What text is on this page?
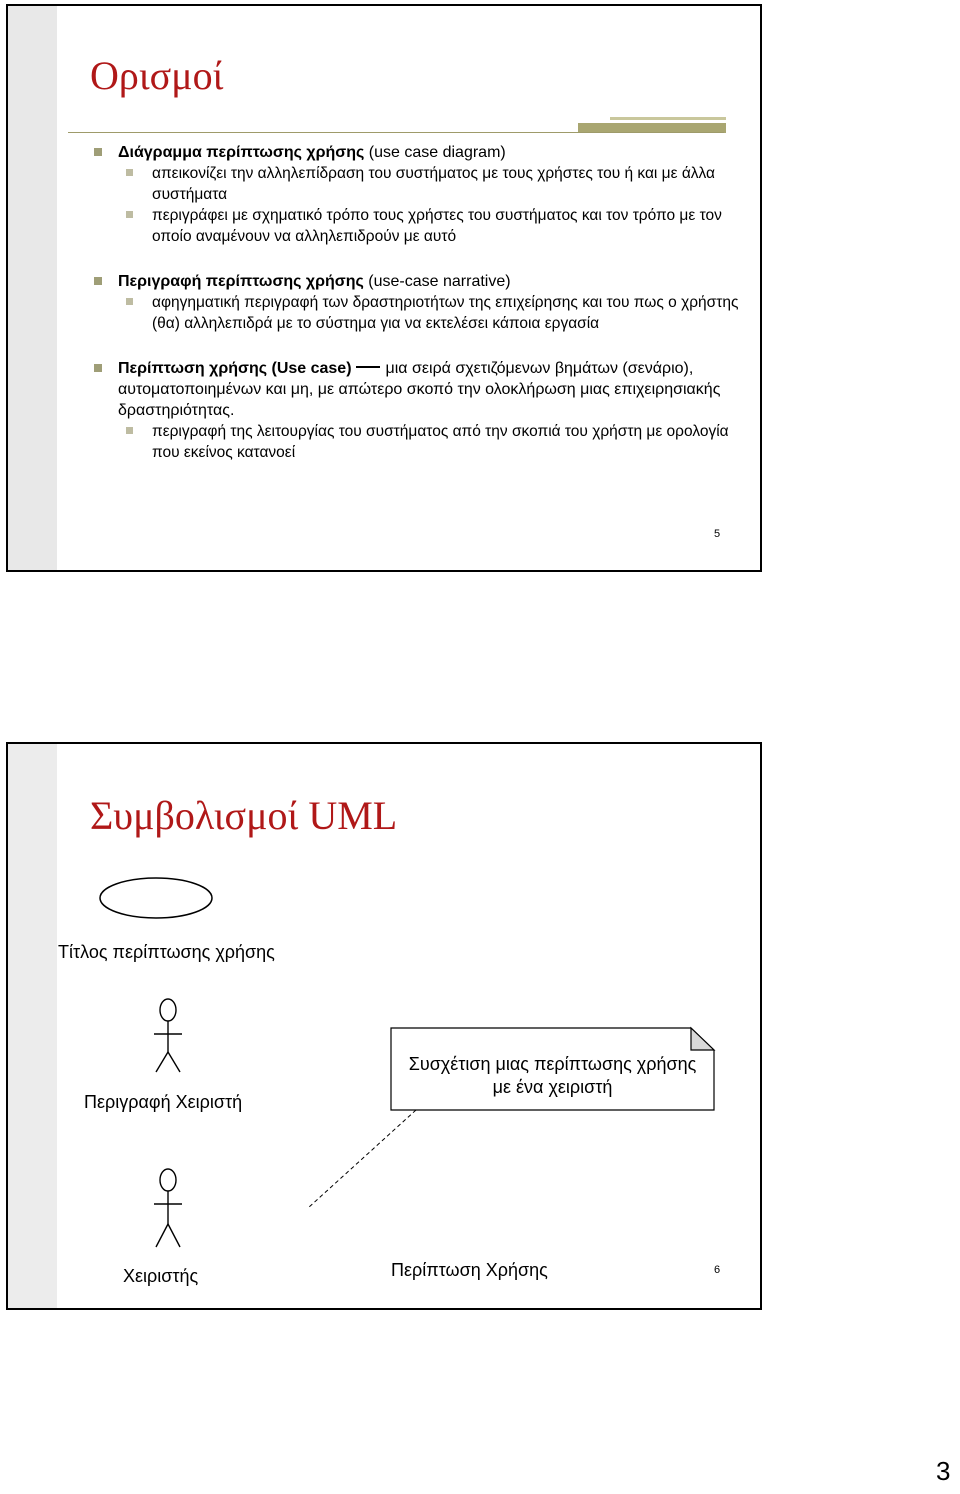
Ορισμοί
Διάγραμμα περίπτωσης χρήσης (use case diagram)
απεικονίζει την αλληλεπίδραση του συστήματος με τους χρήστες του ή και με άλλα συστήματα
περιγράφει με σχηματικό τρόπο τους χρήστες του συστήματος και τον τρόπο με τον οποίο αναμένουν να αλληλεπιδρούν με αυτό
Περιγραφή περίπτωσης χρήσης (use-case narrative)
αφηγηματική περιγραφή των δραστηριοτήτων της επιχείρησης και του πως ο χρήστης (θα) αλληλεπιδρά με το σύστημα για να εκτελέσει κάποια εργασία
Περίπτωση χρήσης (Use case) μια σειρά σχετιζόμενων βημάτων (σενάριο), αυτοματοποιημένων και μη, με απώτερο σκοπό την ολοκλήρωση μιας επιχειρησιακής δραστηριότητας.
περιγραφή της λειτουργίας του συστήματος από την σκοπιά του χρήστη με ορολογία που εκείνος κατανοεί
5
Συμβολισμοί UML
Τίτλος περίπτωσης χρήσης
Περιγραφή Χειριστή
Συσχέτιση μιας περίπτωσης χρήσης
με ένα χειριστή
Χειριστής	Περίπτωση Χρήσης	6
3
